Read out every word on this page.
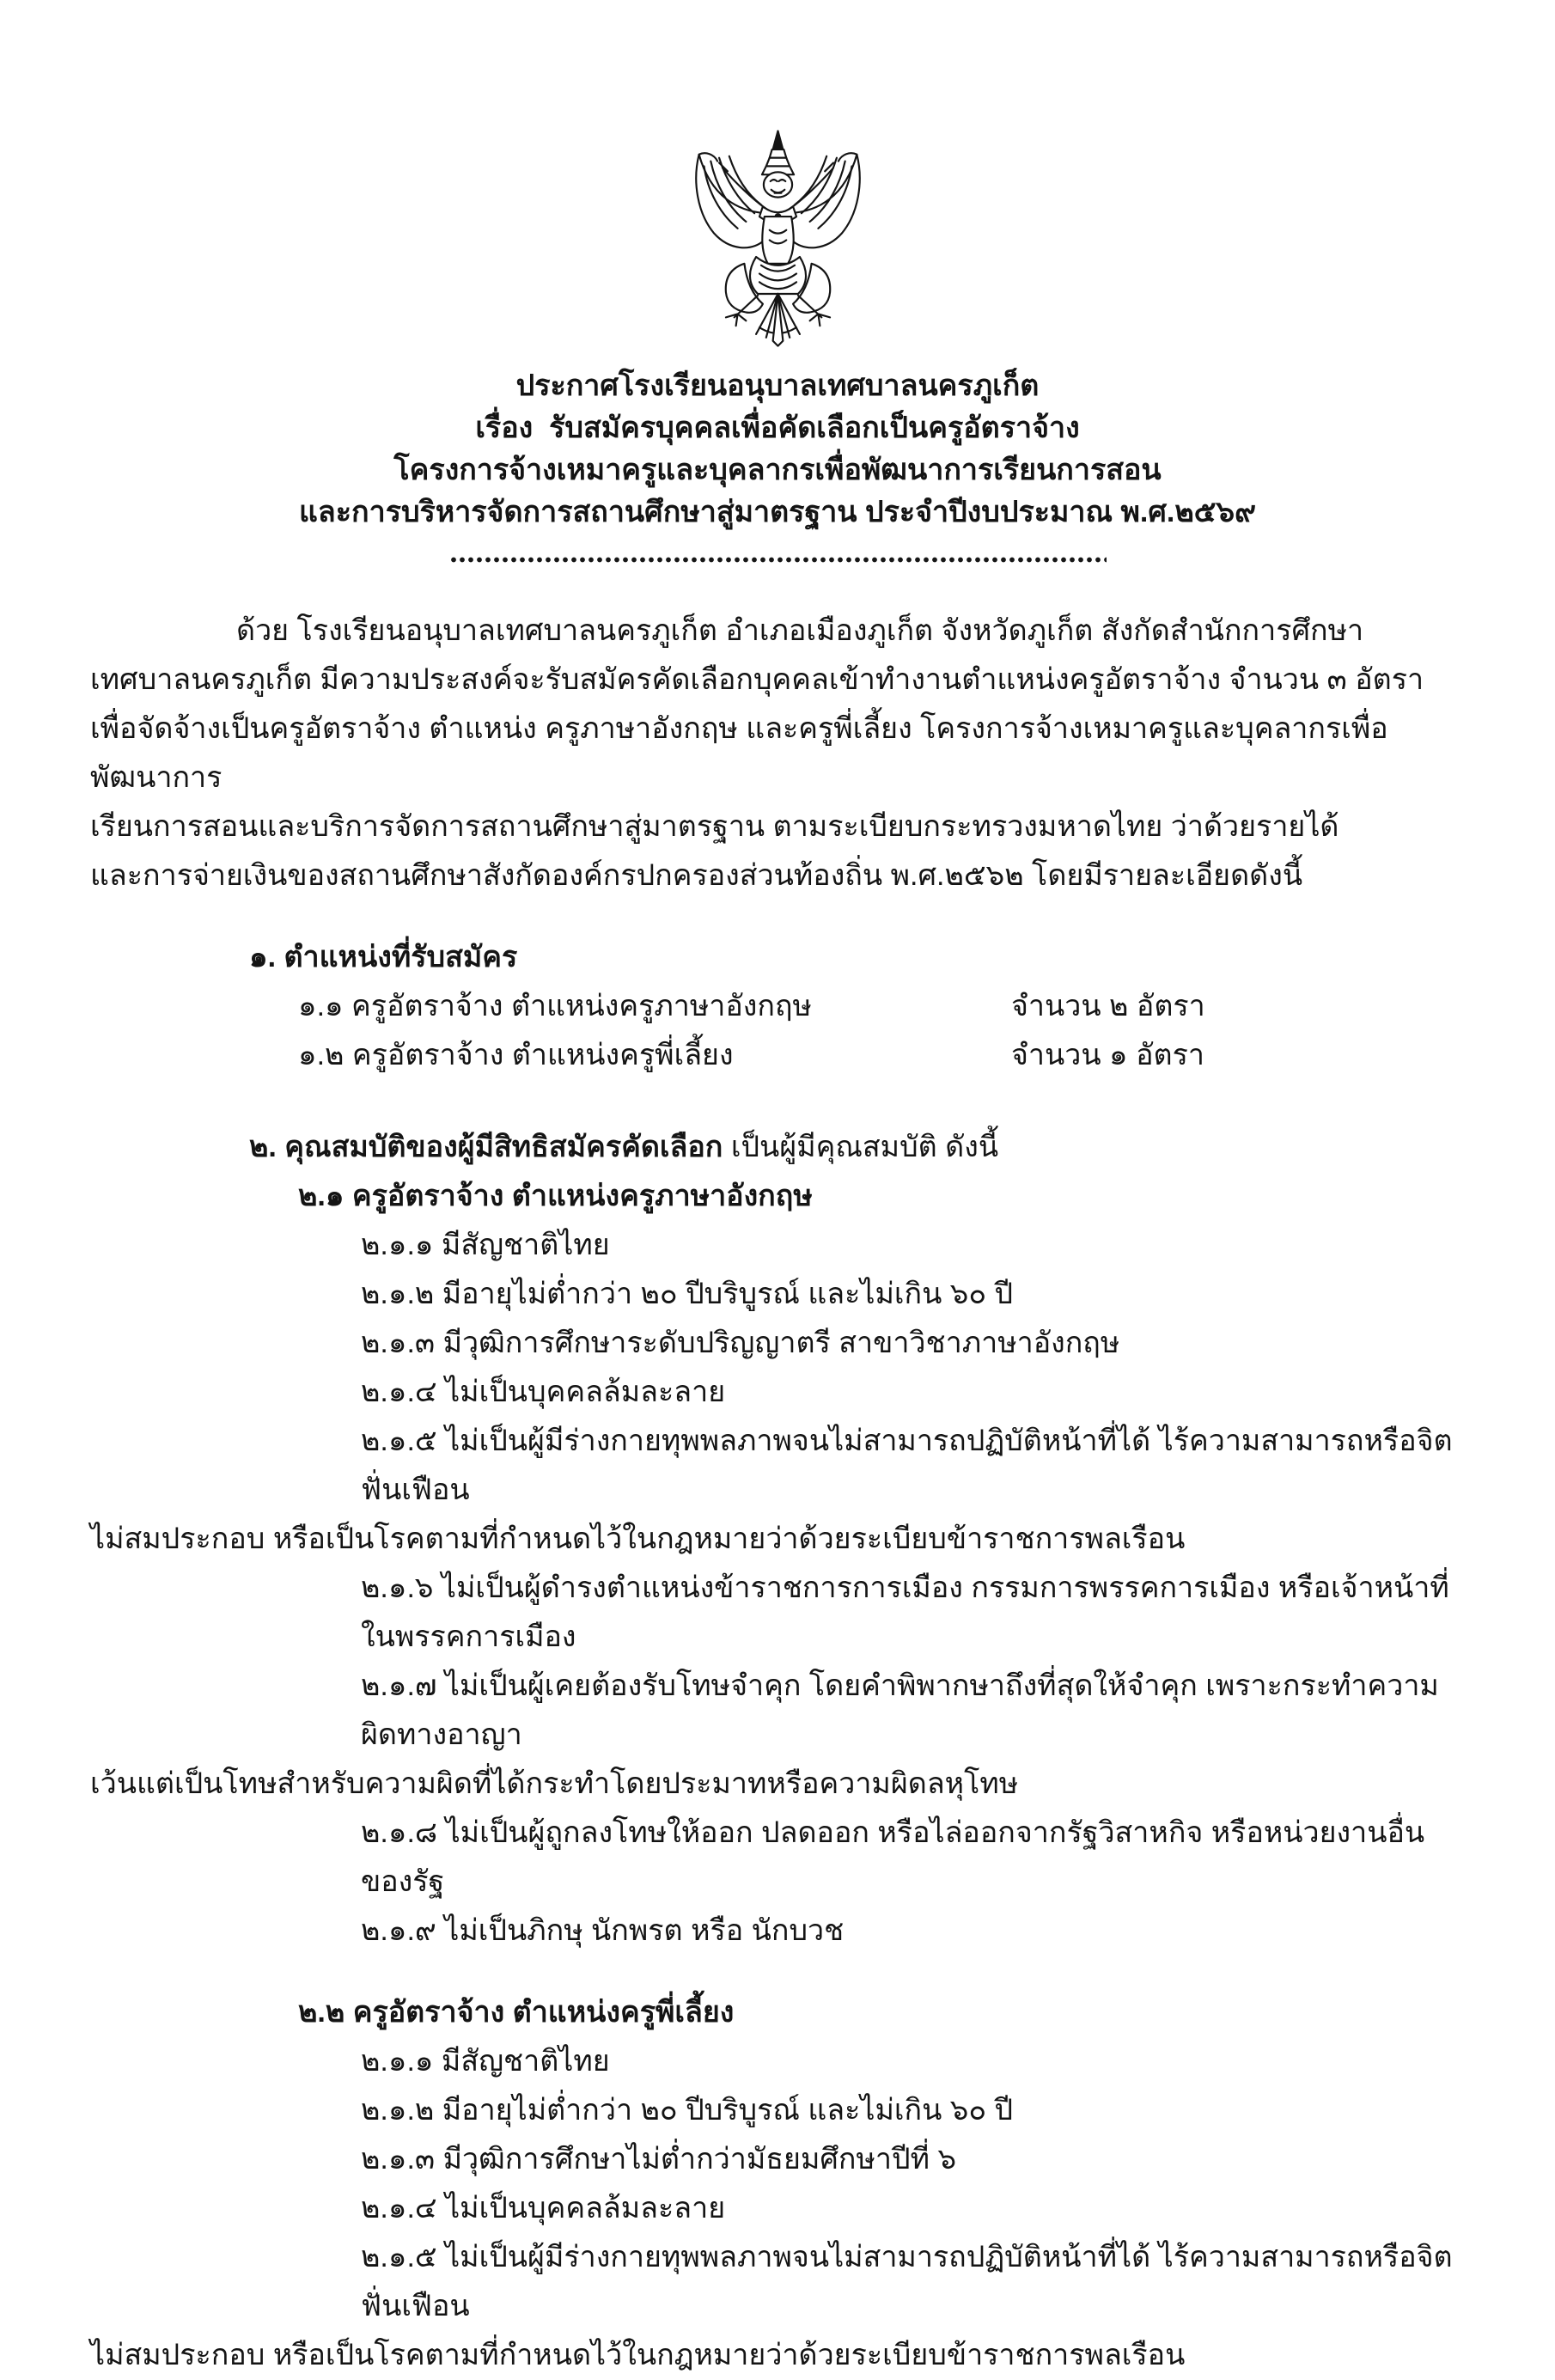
ประกาศโรงเรียนอนุบาลเทศบาลนครภูเก็ต
เรื่อง  รับสมัครบุคคลเพื่อคัดเลือกเป็นครูอัตราจ้าง
โครงการจ้างเหมาครูและบุคลากรเพื่อพัฒนาการเรียนการสอน
และการบริหารจัดการสถานศึกษาสู่มาตรฐาน ประจำปีงบประมาณ พ.ศ.๒๕๖๙
ด้วย โรงเรียนอนุบาลเทศบาลนครภูเก็ต อำเภอเมืองภูเก็ต จังหวัดภูเก็ต สังกัดสำนักการศึกษา
เทศบาลนครภูเก็ต มีความประสงค์จะรับสมัครคัดเลือกบุคคลเข้าทำงานตำแหน่งครูอัตราจ้าง จำนวน ๓ อัตรา
เพื่อจัดจ้างเป็นครูอัตราจ้าง ตำแหน่ง ครูภาษาอังกฤษ และครูพี่เลี้ยง โครงการจ้างเหมาครูและบุคลากรเพื่อพัฒนาการ
เรียนการสอนและบริการจัดการสถานศึกษาสู่มาตรฐาน ตามระเบียบกระทรวงมหาดไทย ว่าด้วยรายได้
และการจ่ายเงินของสถานศึกษาสังกัดองค์กรปกครองส่วนท้องถิ่น พ.ศ.๒๕๖๒ โดยมีรายละเอียดดังนี้
๑. ตำแหน่งที่รับสมัคร
๑.๑ ครูอัตราจ้าง ตำแหน่งครูภาษาอังกฤษ	จำนวน ๒ อัตรา
๑.๒ ครูอัตราจ้าง ตำแหน่งครูพี่เลี้ยง	จำนวน ๑ อัตรา
๒. คุณสมบัติของผู้มีสิทธิสมัครคัดเลือก เป็นผู้มีคุณสมบัติ ดังนี้
๒.๑ ครูอัตราจ้าง ตำแหน่งครูภาษาอังกฤษ
๒.๑.๑ มีสัญชาติไทย
๒.๑.๒ มีอายุไม่ต่ำกว่า ๒๐ ปีบริบูรณ์ และไม่เกิน ๖๐ ปี
๒.๑.๓ มีวุฒิการศึกษาระดับปริญญาตรี สาขาวิชาภาษาอังกฤษ
๒.๑.๔ ไม่เป็นบุคคลล้มละลาย
๒.๑.๕ ไม่เป็นผู้มีร่างกายทุพพลภาพจนไม่สามารถปฏิบัติหน้าที่ได้ ไร้ความสามารถหรือจิตฟั่นเฟือน
ไม่สมประกอบ หรือเป็นโรคตามที่กำหนดไว้ในกฎหมายว่าด้วยระเบียบข้าราชการพลเรือน
๒.๑.๖ ไม่เป็นผู้ดำรงตำแหน่งข้าราชการการเมือง กรรมการพรรคการเมือง หรือเจ้าหน้าที่ในพรรคการเมือง
๒.๑.๗ ไม่เป็นผู้เคยต้องรับโทษจำคุก โดยคำพิพากษาถึงที่สุดให้จำคุก เพราะกระทำความผิดทางอาญา
เว้นแต่เป็นโทษสำหรับความผิดที่ได้กระทำโดยประมาทหรือความผิดลหุโทษ
๒.๑.๘ ไม่เป็นผู้ถูกลงโทษให้ออก ปลดออก หรือไล่ออกจากรัฐวิสาหกิจ หรือหน่วยงานอื่นของรัฐ
๒.๑.๙ ไม่เป็นภิกษุ นักพรต หรือ นักบวช
๒.๒ ครูอัตราจ้าง ตำแหน่งครูพี่เลี้ยง
๒.๑.๑ มีสัญชาติไทย
๒.๑.๒ มีอายุไม่ต่ำกว่า ๒๐ ปีบริบูรณ์ และไม่เกิน ๖๐ ปี
๒.๑.๓ มีวุฒิการศึกษาไม่ต่ำกว่ามัธยมศึกษาปีที่ ๖
๒.๑.๔ ไม่เป็นบุคคลล้มละลาย
๒.๑.๕ ไม่เป็นผู้มีร่างกายทุพพลภาพจนไม่สามารถปฏิบัติหน้าที่ได้ ไร้ความสามารถหรือจิตฟั่นเฟือน
ไม่สมประกอบ หรือเป็นโรคตามที่กำหนดไว้ในกฎหมายว่าด้วยระเบียบข้าราชการพลเรือน
